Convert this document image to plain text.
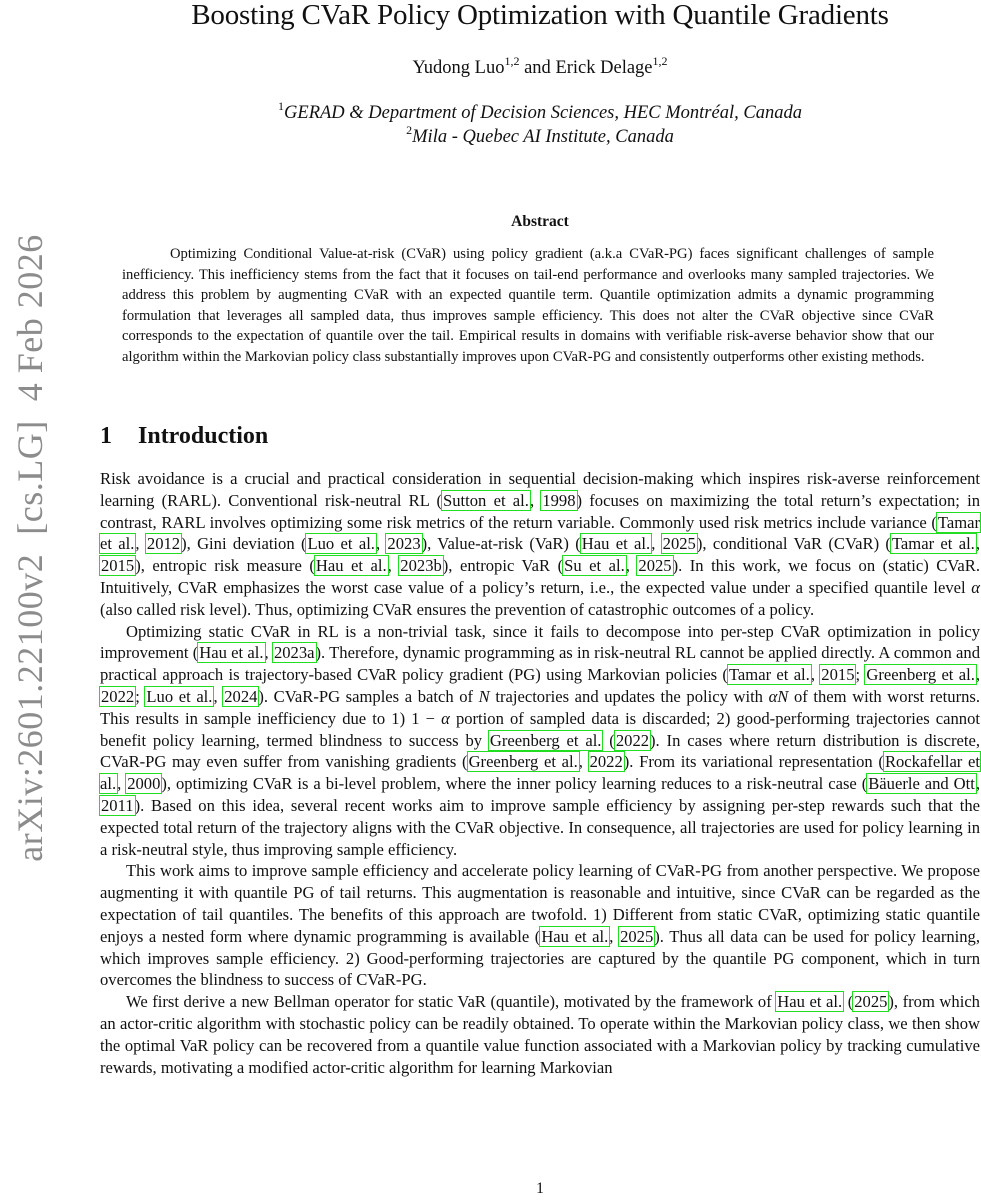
Boosting CVaR Policy Optimization with Quantile Gradients
Yudong Luo$^{1,2}$ and Erick Delage$^{1,2}$
$^1$GERAD & Department of Decision Sciences, HEC Montréal, Canada
$^2$Mila - Quebec AI Institute, Canada
arXiv:2601.22100v2  [cs.LG]  4 Feb 2026
Abstract
Optimizing Conditional Value-at-risk (CVaR) using policy gradient (a.k.a CVaR-PG) faces significant challenges of sample inefficiency. This inefficiency stems from the fact that it focuses on tail-end performance and overlooks many sampled trajectories. We address this problem by augmenting CVaR with an expected quantile term. Quantile optimization admits a dynamic programming formulation that leverages all sampled data, thus improves sample efficiency. This does not alter the CVaR objective since CVaR corresponds to the expectation of quantile over the tail. Empirical results in domains with verifiable risk-averse behavior show that our algorithm within the Markovian policy class substantially improves upon CVaR-PG and consistently outperforms other existing methods.
1 Introduction

Risk avoidance is a crucial and practical consideration in sequential decision-making which inspires risk-averse reinforcement learning (RARL). Conventional risk-neutral RL (Sutton et al., 1998) focuses on maximizing the total return’s expectation; in contrast, RARL involves optimizing some risk metrics of the return variable. Commonly used risk metrics include variance (Tamar et al., 2012), Gini deviation (Luo et al., 2023), Value-at-risk (VaR) (Hau et al., 2025), conditional VaR (CVaR) (Tamar et al., 2015), entropic risk measure (Hau et al., 2023b), entropic VaR (Su et al., 2025). In this work, we focus on (static) CVaR. Intuitively, CVaR emphasizes the worst case value of a policy’s return, i.e., the expected value under a specified quantile level α (also called risk level). Thus, optimizing CVaR ensures the prevention of catastrophic outcomes of a policy.

Optimizing static CVaR in RL is a non-trivial task, since it fails to decompose into per-step CVaR optimization in policy improvement (Hau et al., 2023a). Therefore, dynamic programming as in risk-neutral RL cannot be applied directly. A common and practical approach is trajectory-based CVaR policy gradient (PG) using Markovian policies (Tamar et al., 2015; Greenberg et al., 2022; Luo et al., 2024). CVaR-PG samples a batch of N trajectories and updates the policy with αN of them with worst returns. This results in sample inefficiency due to 1) 1 − α portion of sampled data is discarded; 2) good-performing trajectories cannot benefit policy learning, termed blindness to success by Greenberg et al. (2022). In cases where return distribution is discrete, CVaR-PG may even suffer from vanishing gradients (Greenberg et al., 2022). From its variational representation (Rockafellar et al., 2000), optimizing CVaR is a bi-level problem, where the inner policy learning reduces to a risk-neutral case (Bäuerle and Ott, 2011). Based on this idea, several recent works aim to improve sample efficiency by assigning per-step rewards such that the expected total return of the trajectory aligns with the CVaR objective. In consequence, all trajectories are used for policy learning in a risk-neutral style, thus improving sample efficiency.

This work aims to improve sample efficiency and accelerate policy learning of CVaR-PG from another perspective. We propose augmenting it with quantile PG of tail returns. This augmentation is reasonable and intuitive, since CVaR can be regarded as the expectation of tail quantiles. The benefits of this approach are twofold. 1) Different from static CVaR, optimizing static quantile enjoys a nested form where dynamic programming is available (Hau et al., 2025). Thus all data can be used for policy learning, which improves sample efficiency. 2) Good-performing trajectories are captured by the quantile PG component, which in turn overcomes the blindness to success of CVaR-PG.

We first derive a new Bellman operator for static VaR (quantile), motivated by the framework of Hau et al. (2025), from which an actor-critic algorithm with stochastic policy can be readily obtained. To operate within the Markovian policy class, we then show the optimal VaR policy can be recovered from a quantile value function associated with a Markovian policy by tracking cumulative rewards, motivating a modified actor-critic algorithm for learning Markovian

1
